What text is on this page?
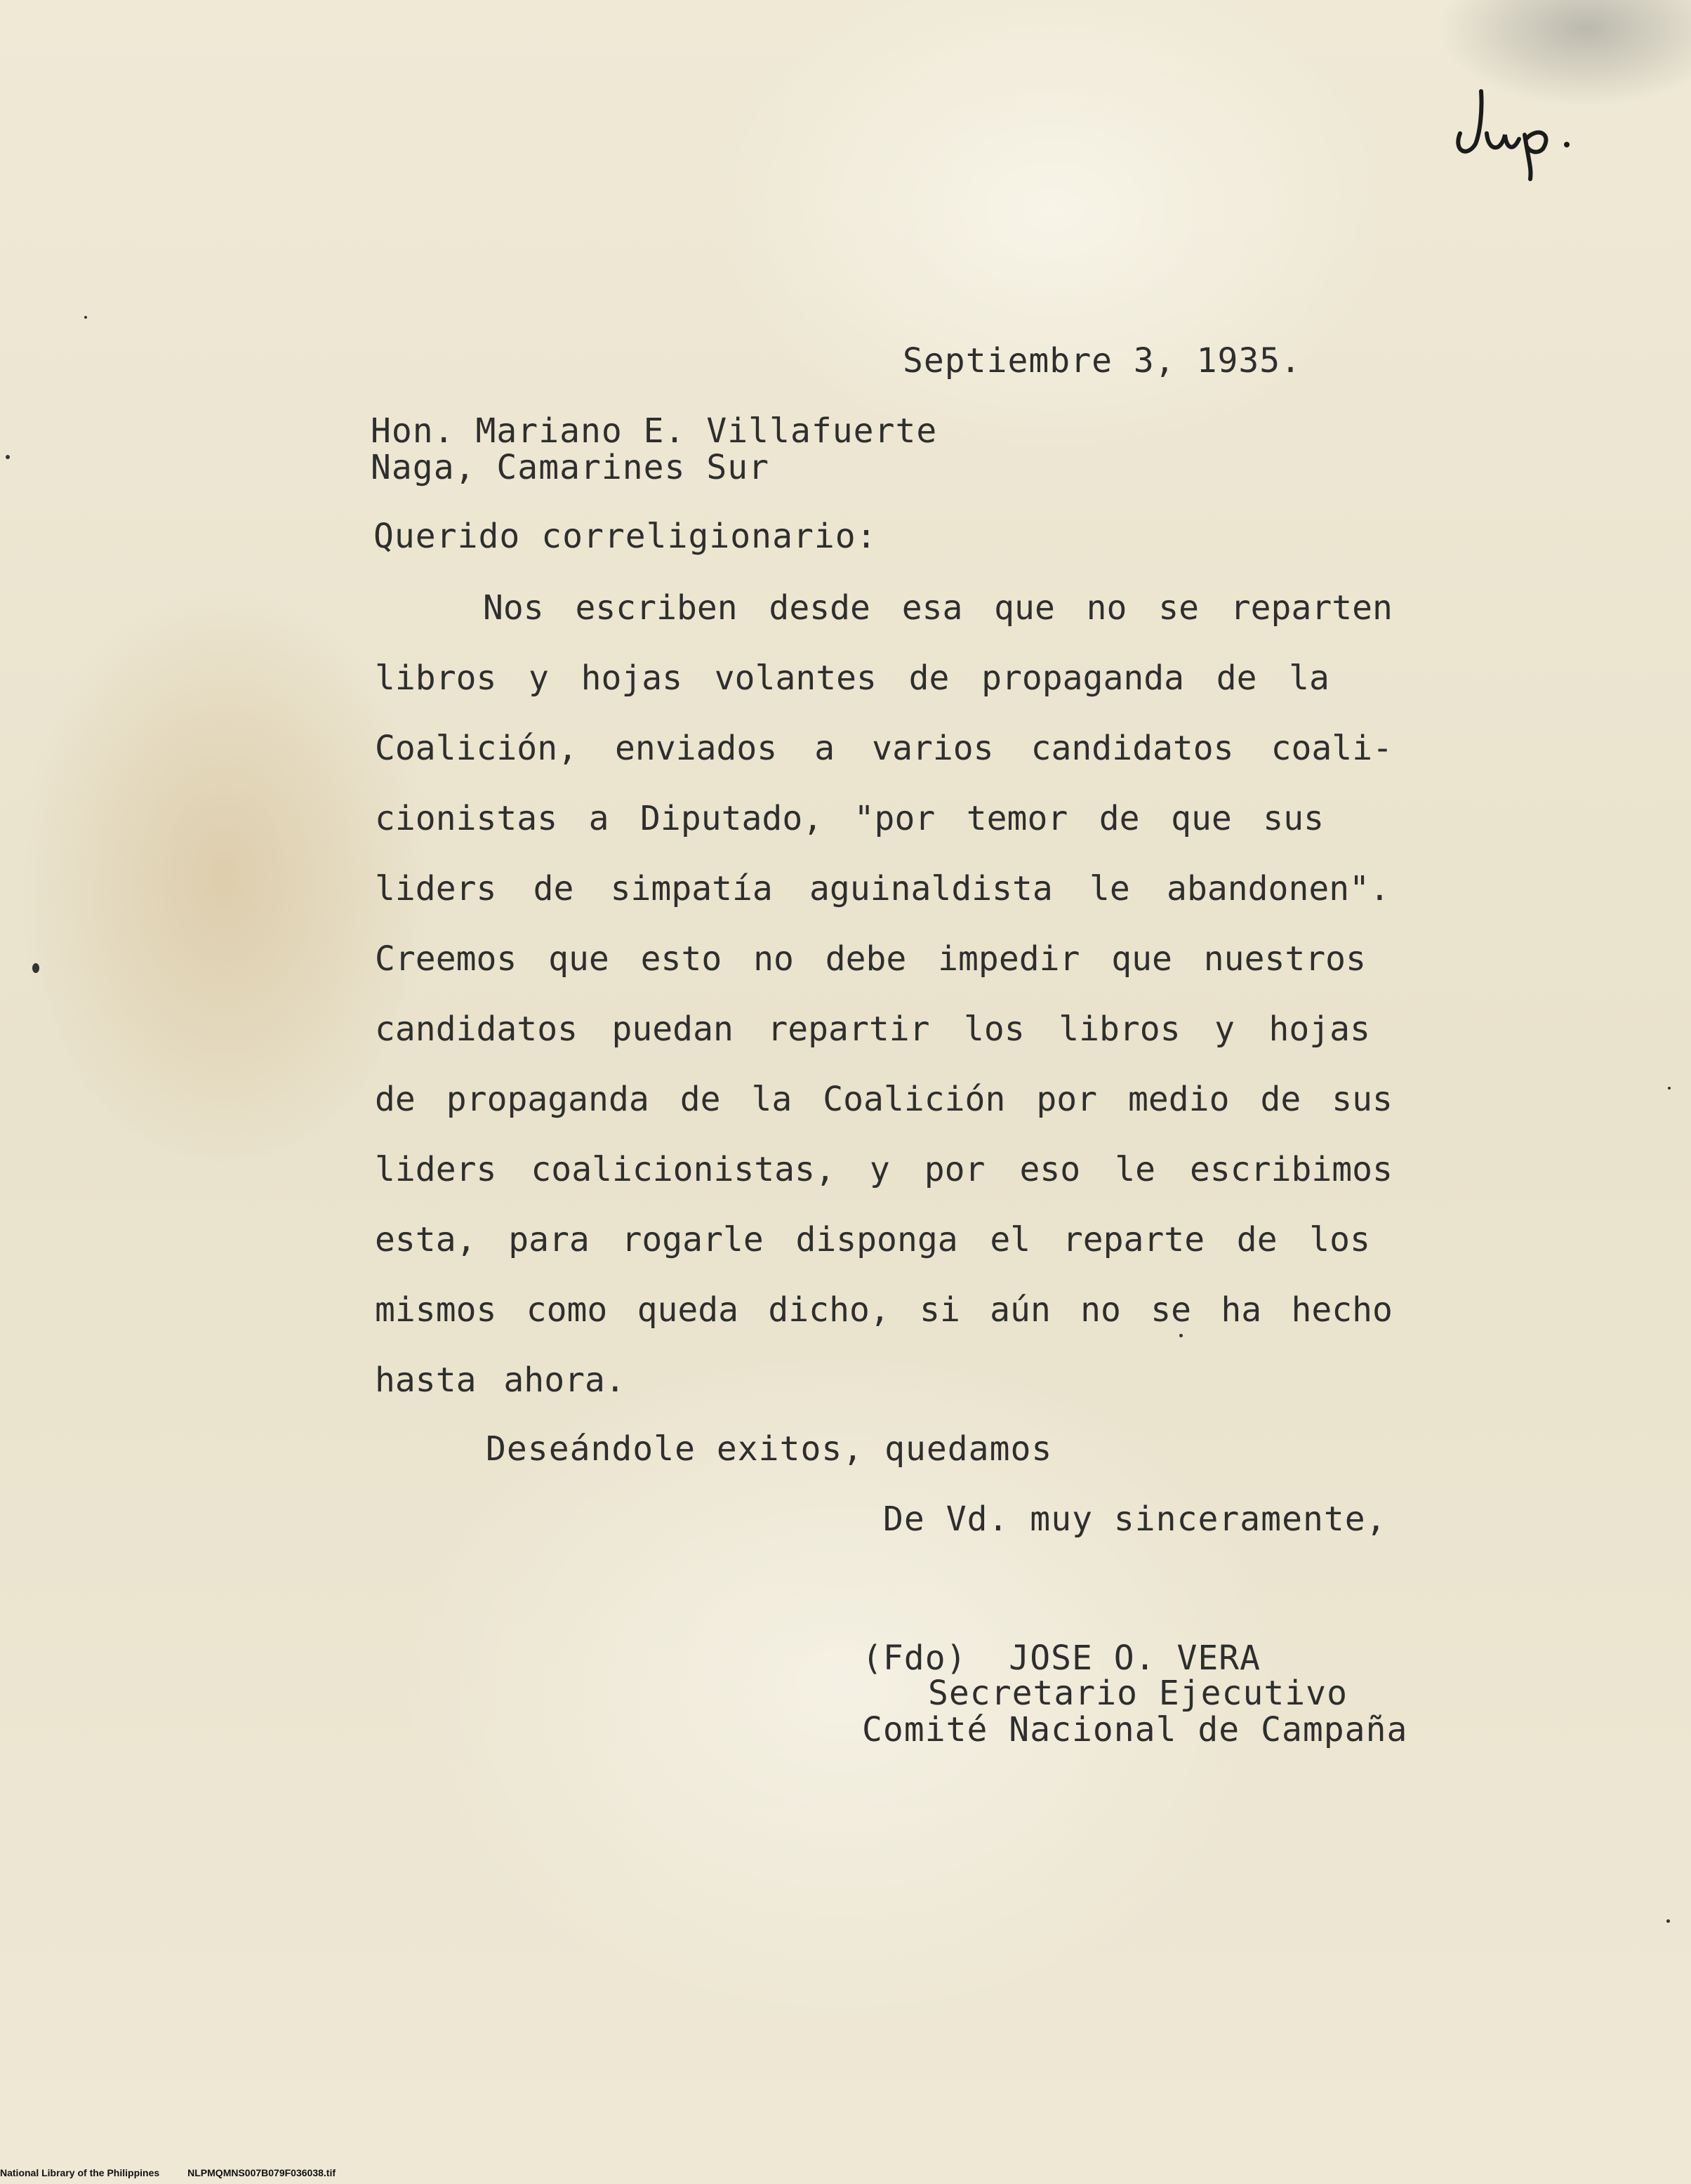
Septiembre 3, 1935.
Hon. Mariano E. Villafuerte
Naga, Camarines Sur
Querido correligionario:
Nos escriben desde esa que no se reparten
libros y hojas volantes de propaganda de la
Coalición, enviados a varios candidatos coali-
cionistas a Diputado, "por temor de que sus
liders de simpatía aguinaldista le abandonen".
Creemos que esto no debe impedir que nuestros
candidatos puedan repartir los libros y hojas
de propaganda de la Coalición por medio de sus
liders coalicionistas, y por eso le escribimos
esta, para rogarle disponga el reparte de los
mismos como queda dicho, si aún no se ha hecho
hasta ahora.
Deseándole exitos, quedamos
De Vd. muy sinceramente,
(Fdo)  JOSE O. VERA
Secretario Ejecutivo
Comité Nacional de Campaña
National Library of the Philippines	NLPMQMNS007B079F036038.tif
